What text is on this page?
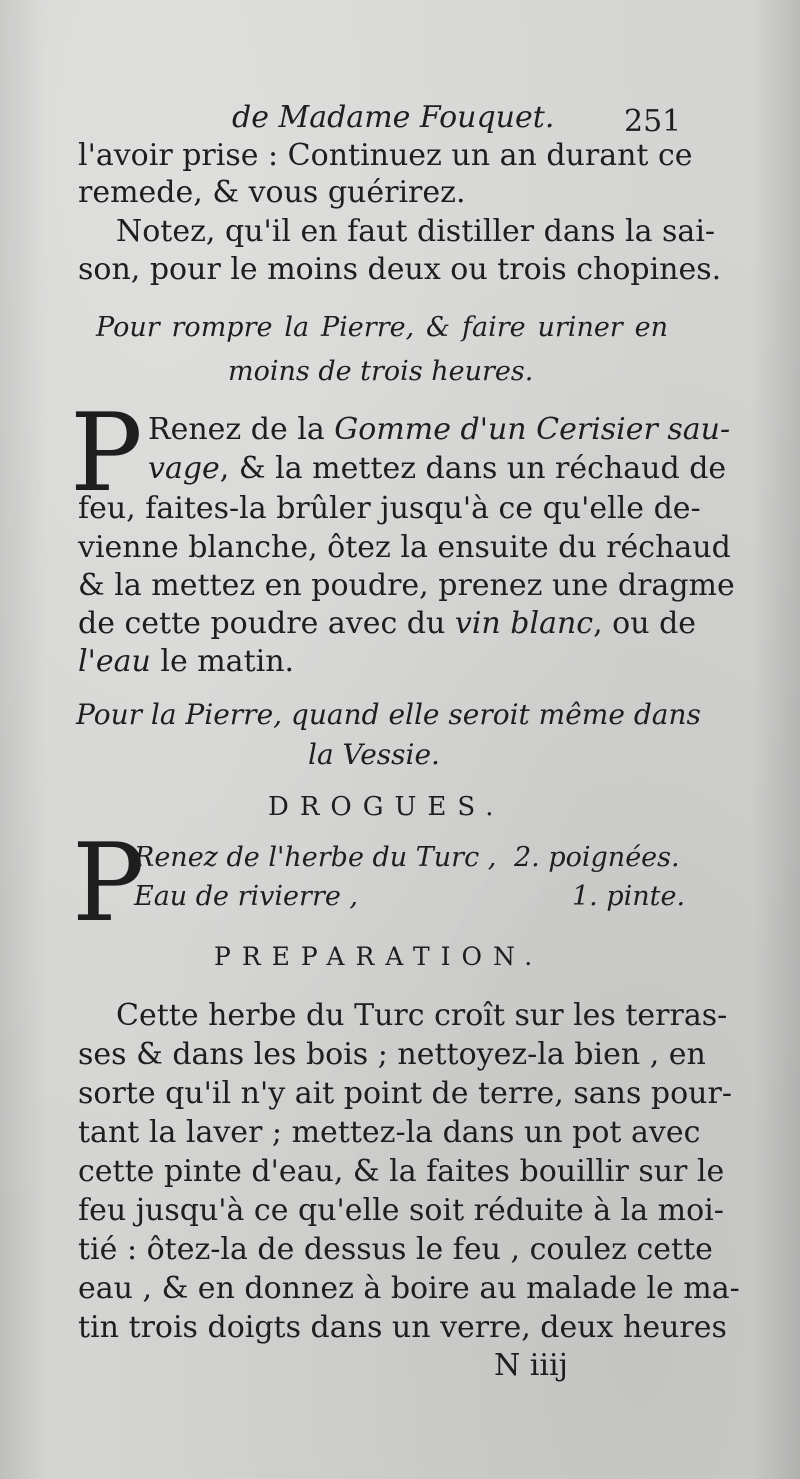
de Madame Fouquet. 251
l'avoir prise : Continuez un an durant ce
remede, & vous guérirez.
Notez, qu'il en faut distiller dans la sai-
son, pour le moins deux ou trois chopines.
Pour rompre la Pierre, & faire uriner en
moins de trois heures.
P Renez de la Gomme d'un Cerisier sau-
vage, & la mettez dans un réchaud de
feu, faites-la brûler jusqu'à ce qu'elle de-
vienne blanche, ôtez la ensuite du réchaud
& la mettez en poudre, prenez une dragme
de cette poudre avec du vin blanc, ou de
l'eau le matin.
Pour la Pierre, quand elle seroit même dans
la Vessie.
DROGUES.
P
Renez de l'herbe du Turc , 2. poignées.
Eau de rivierre ,	1. pinte.
PREPARATION.
Cette herbe du Turc croît sur les terras-
ses & dans les bois ; nettoyez-la bien , en
sorte qu'il n'y ait point de terre, sans pour-
tant la laver ; mettez-la dans un pot avec
cette pinte d'eau, & la faites bouillir sur le
feu jusqu'à ce qu'elle soit réduite à la moi-
tié : ôtez-la de dessus le feu , coulez cette
eau , & en donnez à boire au malade le ma-
tin trois doigts dans un verre, deux heures
N iiij
